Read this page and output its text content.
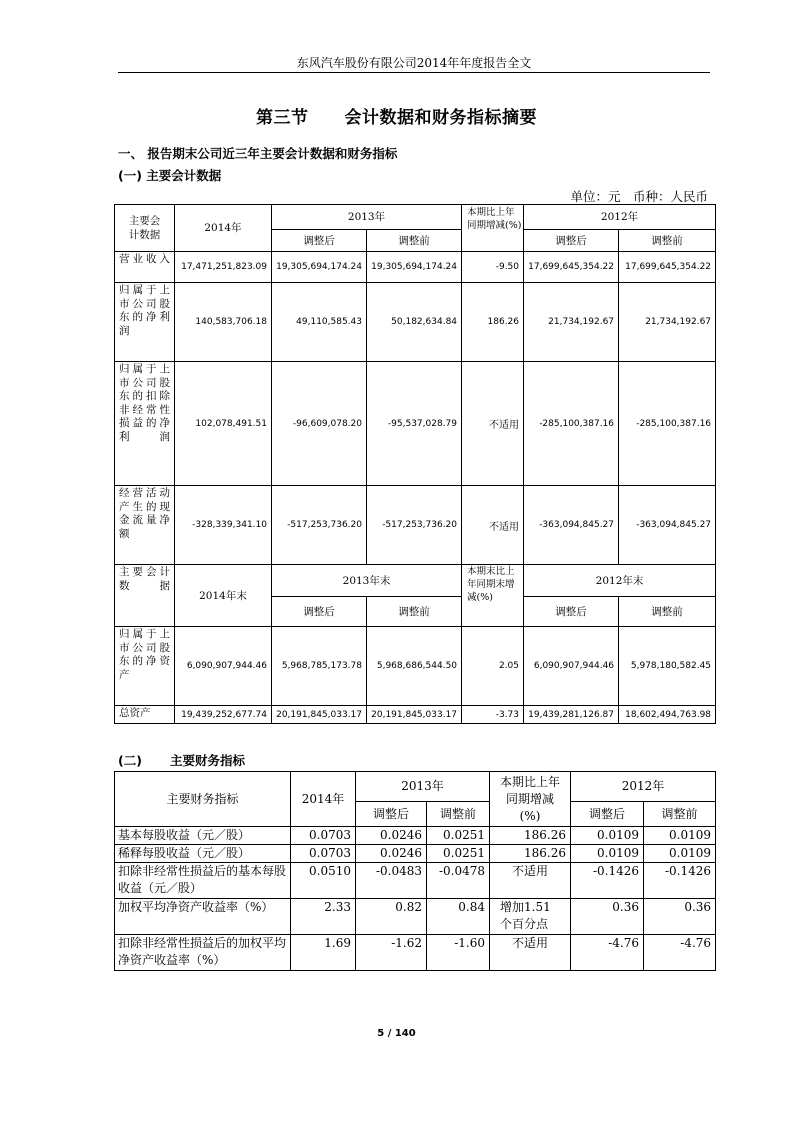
东风汽车股份有限公司2014年年度报告全文
第三节 会计数据和财务指标摘要
一、 报告期末公司近三年主要会计数据和财务指标
(一) 主要会计数据
单位：元　币种：人民币
主要会计数据	2014年	2013年		本期比上年同期增减(%)	2012年	
		调整后	调整前		调整后	调整前
营业收入	17,471,251,823.09	19,305,694,174.24	19,305,694,174.24	-9.50	17,699,645,354.22	17,699,645,354.22
归属于上市公司股东的净利润	140,583,706.18	49,110,585.43	50,182,634.84	186.26	21,734,192.67	21,734,192.67
归属于上市公司股东的扣除非经常性损益的净利润	102,078,491.51	-96,609,078.20	-95,537,028.79	不适用	-285,100,387.16	-285,100,387.16
经营活动产生的现金流量净额	-328,339,341.10	-517,253,736.20	-517,253,736.20	不适用	-363,094,845.27	-363,094,845.27
主要会计数据	2014年末	2013年末		本期末比上年同期末增减(%)	2012年末	
		调整后	调整前		调整后	调整前
归属于上市公司股东的净资产	6,090,907,944.46	5,968,785,173.78	5,968,686,544.50	2.05	6,090,907,944.46	5,978,180,582.45
总资产	19,439,252,677.74	20,191,845,033.17	20,191,845,033.17	-3.73	19,439,281,126.87	18,602,494,763.98
(二) 主要财务指标
主要财务指标	2014年	2013年		本期比上年同期增减(%)	2012年	
		调整后	调整前		调整后	调整前
基本每股收益（元／股）	0.0703	0.0246	0.0251	186.26	0.0109	0.0109
稀释每股收益（元／股）	0.0703	0.0246	0.0251	186.26	0.0109	0.0109
扣除非经常性损益后的基本每股收益（元／股）	0.0510	-0.0483	-0.0478	不适用	-0.1426	-0.1426
加权平均净资产收益率（%）	2.33	0.82	0.84	增加1.51个百分点	0.36	0.36
扣除非经常性损益后的加权平均净资产收益率（%）	1.69	-1.62	-1.60	不适用	-4.76	-4.76
5 / 140
